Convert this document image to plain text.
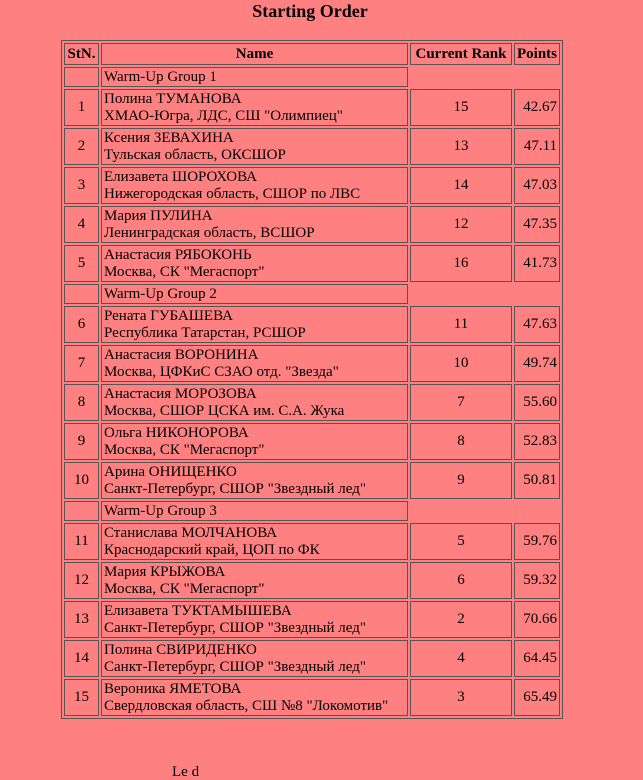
Starting Order
StN.	Name	Current Rank	Points
	Warm-Up Group 1		
1	Полина ТУМАНОВА
ХМАО-Югра, ЛДС, СШ "Олимпиец"	15	42.67
2	Ксения ЗЕВАХИНА
Тульская область, ОКСШОР	13	47.11
3	Елизавета ШОРОХОВА
Нижегородская область, СШОР по ЛВС	14	47.03
4	Мария ПУЛИНА
Ленинградская область, ВСШОР	12	47.35
5	Анастасия РЯБОКОНЬ
Москва, СК "Мегаспорт"	16	41.73
	Warm-Up Group 2		
6	Рената ГУБАШЕВА
Республика Татарстан, РСШОР	11	47.63
7	Анастасия ВОРОНИНА
Москва, ЦФКиС СЗАО отд. "Звезда"	10	49.74
8	Анастасия МОРОЗОВА
Москва, СШОР ЦСКА им. С.А. Жука	7	55.60
9	Ольга НИКОНОРОВА
Москва, СК "Мегаспорт"	8	52.83
10	Арина ОНИЩЕНКО
Санкт-Петербург, СШОР "Звездный лед"	9	50.81
	Warm-Up Group 3		
11	Станислава МОЛЧАНОВА
Краснодарский край, ЦОП по ФК	5	59.76
12	Мария КРЫЖОВА
Москва, СК "Мегаспорт"	6	59.32
13	Елизавета ТУКТАМЫШЕВА
Санкт-Петербург, СШОР "Звездный лед"	2	70.66
14	Полина СВИРИДЕНКО
Санкт-Петербург, СШОР "Звездный лед"	4	64.45
15	Вероника ЯМЕТОВА
Свердловская область, СШ №8 "Локомотив"	3	65.49
Lе d
